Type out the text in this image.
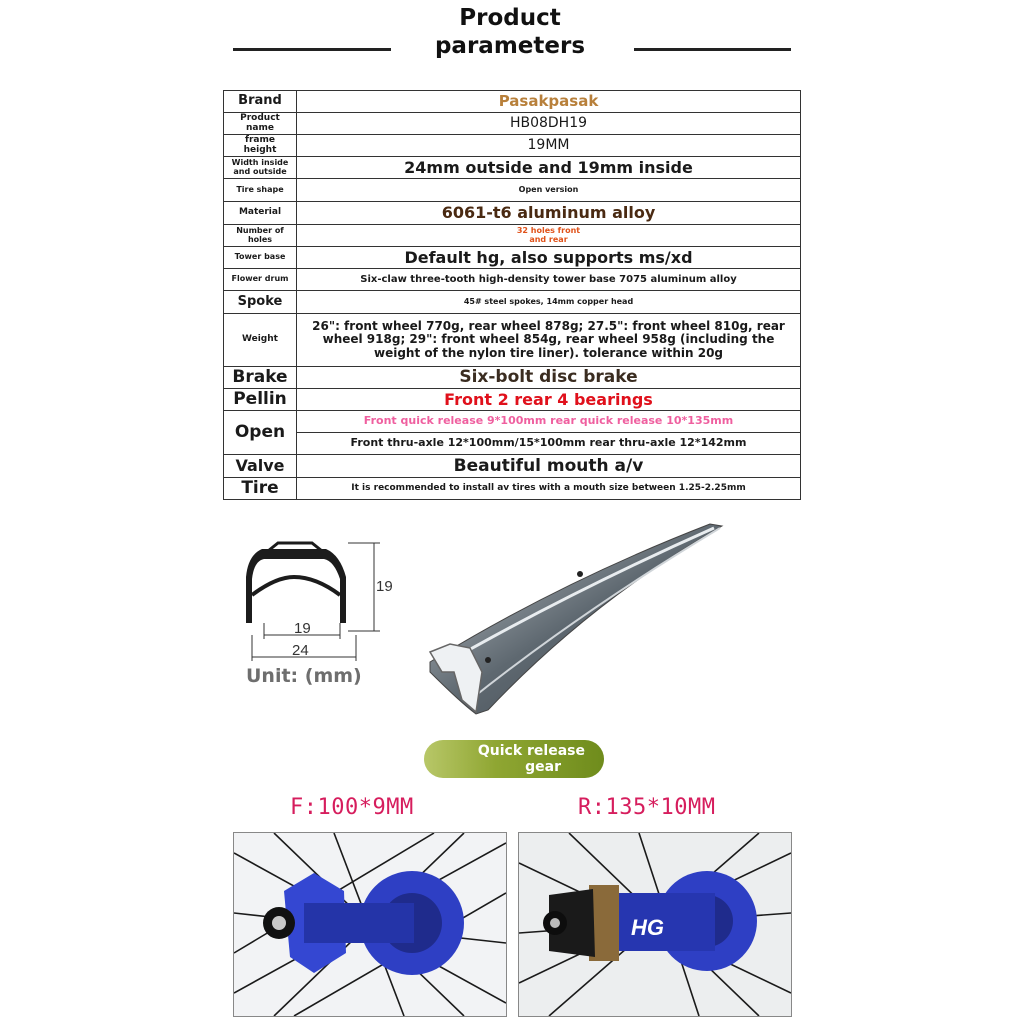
Product
parameters
Brand	Pasakpasak
Product name	HB08DH19
frame height	19MM
Width inside and outside	24mm outside and 19mm inside
Tire shape	Open version
Material	6061-t6 aluminum alloy
Number of holes	32 holes front and rear

Tower base	Default hg, also supports ms/xd
Flower drum	Six-claw three-tooth high-density tower base 7075 aluminum alloy
Spoke	45# steel spokes, 14mm copper head
Weight	26": front wheel 770g, rear wheel 878g; 27.5": front wheel 810g, rear wheel 918g; 29": front wheel 854g, rear wheel 958g (including the weight of the nylon tire liner). tolerance within 20g
Brake	Six-bolt disc brake
Pellin	Front 2 rear 4 bearings
Open	Front quick release 9*100mm rear quick release 10*135mm
	Front thru-axle 12*100mm/15*100mm rear thru-axle 12*142mm
Valve	Beautiful mouth a/v
Tire	It is recommended to install av tires with a mouth size between 1.25-2.25mm
19
19
24
Unit: (mm)
Quick release
gear
F:100*9MM	R:135*10MM
HG
